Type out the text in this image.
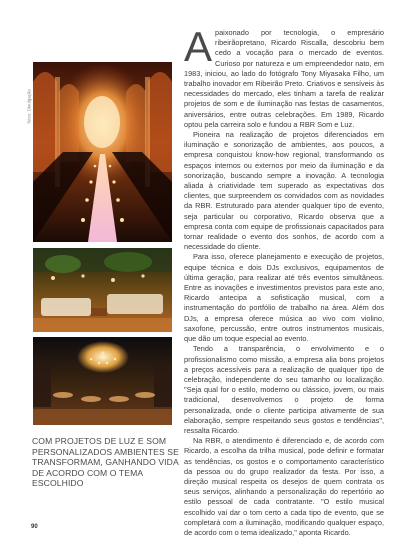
fotos: Divulgação
COM PROJETOS DE LUZ E SOM PERSONALIZADOS AMBIENTES SE TRANSFORMAM, GANHANDO VIDA DE ACORDO COM O TEMA ESCOLHIDO

Apaixonado por tecnologia, o empresário ribeirãopretano, Ricardo Riscalla, descobriu bem cedo a vocação para o mercado de eventos. Curioso por natureza e um empreendedor nato, em 1983, iniciou, ao lado do fotógrafo Tony Miyasaka Filho, um trabalho inovador em Ribeirão Preto. Criativos e sensíveis às necessidades do mercado, eles tinham a tarefa de realizar projetos de som e de iluminação nas festas de casamentos, aniversários, entre outras celebrações. Em 1989, Ricardo optou pela carreira solo e fundou a RBR Som e Luz.

Pioneira na realização de projetos diferenciados em iluminação e sonorização de ambientes, aos poucos, a empresa conquistou know-how regional, transformando os espaços internos ou externos por meio da iluminação e da sonorização, buscando sempre a inovação. A tecnologia aliada à criatividade tem superado as expectativas dos clientes, que surpreendem os convidados com as novidades da RBR. Estruturado para atender qualquer tipo de evento, seja particular ou corporativo, Ricardo observa que a empresa conta com equipe de profissionais capacitados para tornar realidade o evento dos sonhos, de acordo com a necessidade do cliente.

Para isso, oferece planejamento e execução de projetos, equipe técnica e dois DJs exclusivos, equipamentos de última geração, para realizar até três eventos simultâneos. Entre as inovações e investimentos previstos para este ano, Ricardo antecipa a sofisticação musical, com a instrumentação do portfólio de trabalho na área. Além dos DJs, a empresa oferece música ao vivo com violino, saxofone, percussão, entre outros instrumentos musicais, que dão um toque especial ao evento.

Tendo a transparência, o envolvimento e o profissionalismo como missão, a empresa alia bons projetos a preços acessíveis para a realização de qualquer tipo de celebração, independente do seu tamanho ou localização. "Seja qual for o estilo, moderno ou clássico, jovem, ou mais tradicional, desenvolvemos o projeto de forma personalizada, onde o cliente participa ativamente de sua elaboração, sempre respeitando seus gostos e tendências", ressalta Ricardo.

Na RBR, o atendimento é diferenciado e, de acordo com Ricardo, a escolha da trilha musical, pode definir e formatar as tendências, os gostos e o comportamento característico da pessoa ou do grupo realizador da festa. Por isso, a direção musical respeita os desejos de quem contrata os seus serviços, alinhando a personalização do repertório ao estilo pessoal de cada contratante. "O estilo musical escolhido vai dar o tom certo a cada tipo de evento, que se completará com a iluminação, modificando qualquer espaço, de acordo com o tema idealizado," aponta Ricardo.

90
